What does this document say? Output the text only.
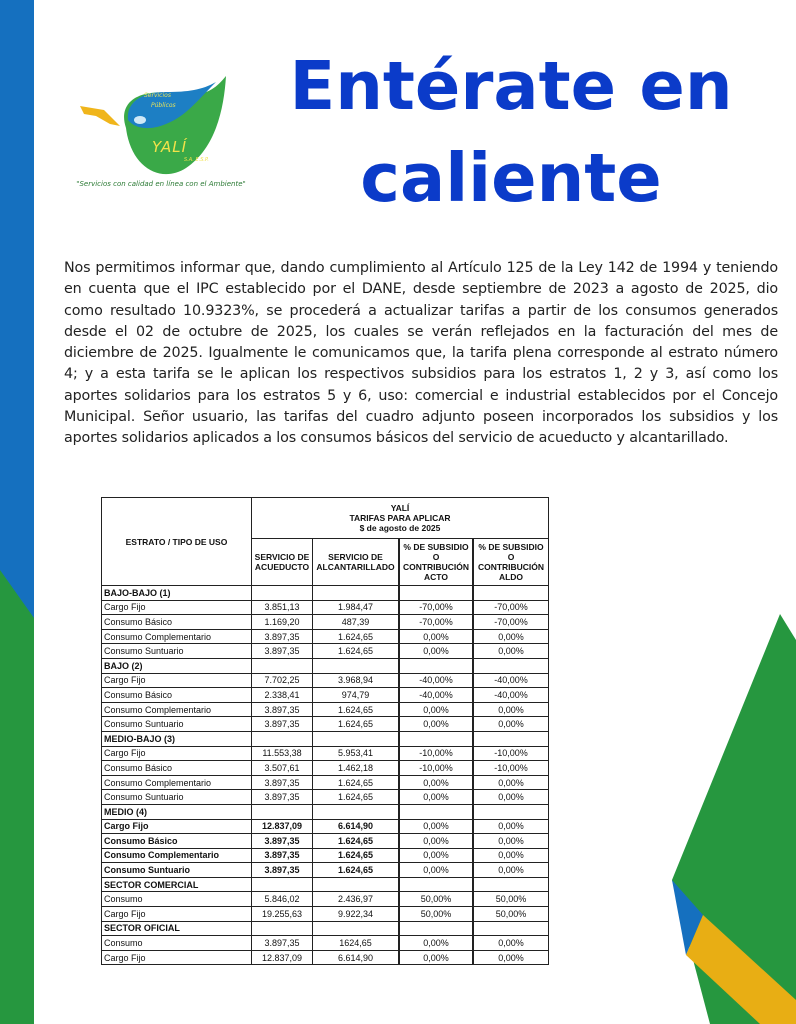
Servicios
Públicos
YALÍ
S.A. E.S.P.
"Servicios con calidad en línea con el Ambiente"
Entérate en
caliente
Nos permitimos informar que, dando cumplimiento al Artículo 125 de la Ley 142 de 1994 y teniendo en cuenta que el IPC establecido por el DANE, desde septiembre de 2023 a agosto de 2025, dio como resultado 10.9323%, se procederá a actualizar tarifas a partir de los consumos generados desde el 02 de octubre de 2025, los cuales se verán reflejados en la facturación del mes de diciembre de 2025. Igualmente le comunicamos que, la tarifa plena corresponde al estrato número 4; y a esta tarifa se le aplican los respectivos subsidios para los estratos 1, 2 y 3, así como los aportes solidarios para los estratos 5 y 6, uso: comercial e industrial establecidos por el Concejo Municipal. Señor usuario, las tarifas del cuadro adjunto poseen incorporados los subsidios y los aportes solidarios aplicados a los consumos básicos del servicio de acueducto y alcantarillado.
ESTRATO / TIPO DE USO	YALÍ
TARIFAS PARA APLICAR
$ de agosto de 2025			

	SERVICIO DE ACUEDUCTO	SERVICIO DE ALCANTARILLADO	% DE SUBSIDIO O CONTRIBUCIÓN ACTO	% DE SUBSIDIO O CONTRIBUCIÓN ALDO
BAJO-BAJO (1)				
Cargo Fijo	3.851,13	1.984,47	-70,00%	-70,00%
Consumo Básico	1.169,20	487,39	-70,00%	-70,00%
Consumo Complementario	3.897,35	1.624,65	0,00%	0,00%
Consumo Suntuario	3.897,35	1.624,65	0,00%	0,00%
BAJO (2)				
Cargo Fijo	7.702,25	3.968,94	-40,00%	-40,00%
Consumo Básico	2.338,41	974,79	-40,00%	-40,00%
Consumo Complementario	3.897,35	1.624,65	0,00%	0,00%
Consumo Suntuario	3.897,35	1.624,65	0,00%	0,00%
MEDIO-BAJO (3)				
Cargo Fijo	11.553,38	5.953,41	-10,00%	-10,00%
Consumo Básico	3.507,61	1.462,18	-10,00%	-10,00%
Consumo Complementario	3.897,35	1.624,65	0,00%	0,00%
Consumo Suntuario	3.897,35	1.624,65	0,00%	0,00%
MEDIO (4)				
Cargo Fijo	12.837,09	6.614,90	0,00%	0,00%
Consumo Básico	3.897,35	1.624,65	0,00%	0,00%
Consumo Complementario	3.897,35	1.624,65	0,00%	0,00%
Consumo Suntuario	3.897,35	1.624,65	0,00%	0,00%
SECTOR COMERCIAL				
Consumo	5.846,02	2.436,97	50,00%	50,00%
Cargo Fijo	19.255,63	9.922,34	50,00%	50,00%
SECTOR OFICIAL				
Consumo	3.897,35	1624,65	0,00%	0,00%
Cargo Fijo	12.837,09	6.614,90	0,00%	0,00%
